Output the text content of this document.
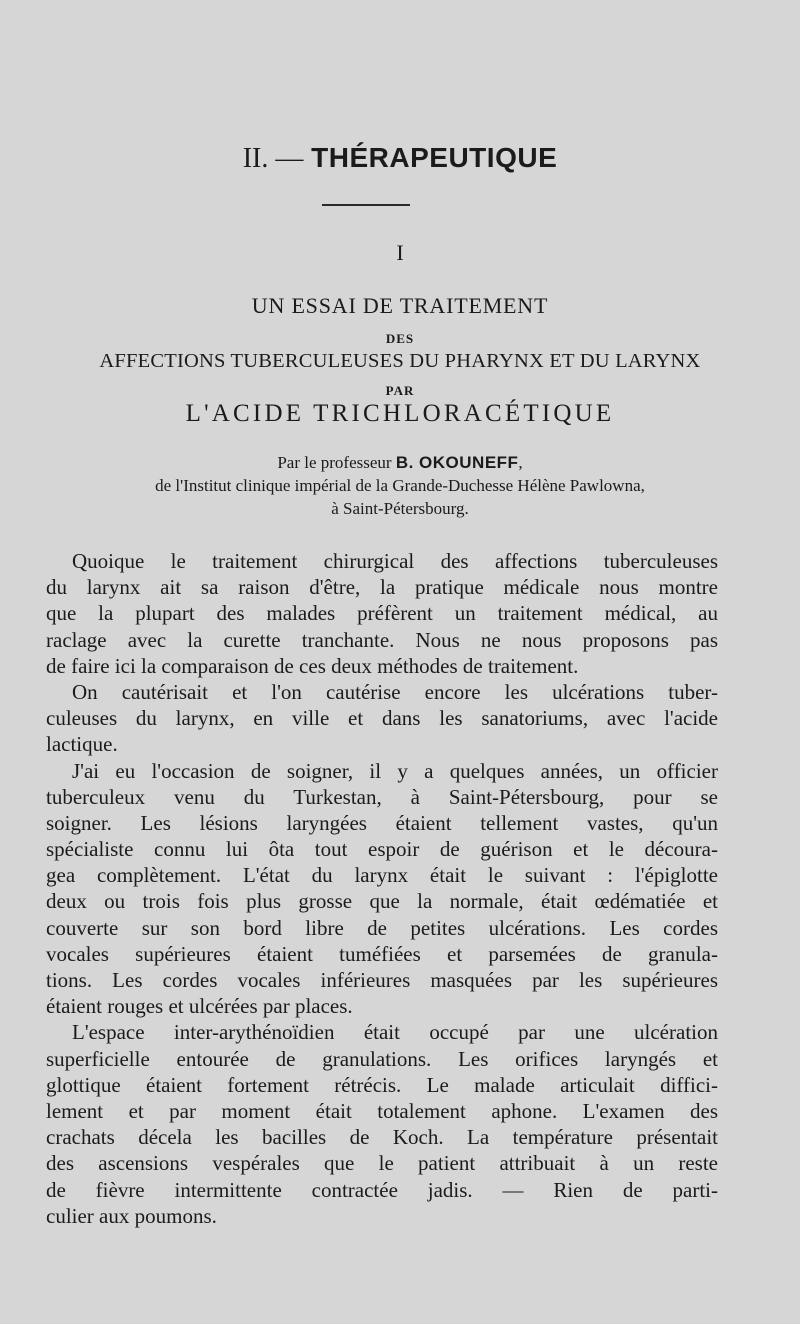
II. — THÉRAPEUTIQUE
I
UN ESSAI DE TRAITEMENT
DES
AFFECTIONS TUBERCULEUSES DU PHARYNX ET DU LARYNX
PAR
L'ACIDE TRICHLORACÉTIQUE
Par le professeur B. OKOUNEFF,
de l'Institut clinique impérial de la Grande-Duchesse Hélène Pawlowna,
à Saint-Pétersbourg.
Quoique le traitement chirurgical des affections tuberculeuses
du larynx ait sa raison d'être, la pratique médicale nous montre
que la plupart des malades préfèrent un traitement médical, au
raclage avec la curette tranchante. Nous ne nous proposons pas
de faire ici la comparaison de ces deux méthodes de traitement.
On cautérisait et l'on cautérise encore les ulcérations tuber-
culeuses du larynx, en ville et dans les sanatoriums, avec l'acide
lactique.
J'ai eu l'occasion de soigner, il y a quelques années, un officier
tuberculeux venu du Turkestan, à Saint-Pétersbourg, pour se
soigner. Les lésions laryngées étaient tellement vastes, qu'un
spécialiste connu lui ôta tout espoir de guérison et le découra-
gea complètement. L'état du larynx était le suivant : l'épiglotte
deux ou trois fois plus grosse que la normale, était œdématiée et
couverte sur son bord libre de petites ulcérations. Les cordes
vocales supérieures étaient tuméfiées et parsemées de granula-
tions. Les cordes vocales inférieures masquées par les supérieures
étaient rouges et ulcérées par places.
L'espace inter-arythénoïdien était occupé par une ulcération
superficielle entourée de granulations. Les orifices laryngés et
glottique étaient fortement rétrécis. Le malade articulait diffici-
lement et par moment était totalement aphone. L'examen des
crachats décela les bacilles de Koch. La température présentait
des ascensions vespérales que le patient attribuait à un reste
de fièvre intermittente contractée jadis. — Rien de parti-
culier aux poumons.
